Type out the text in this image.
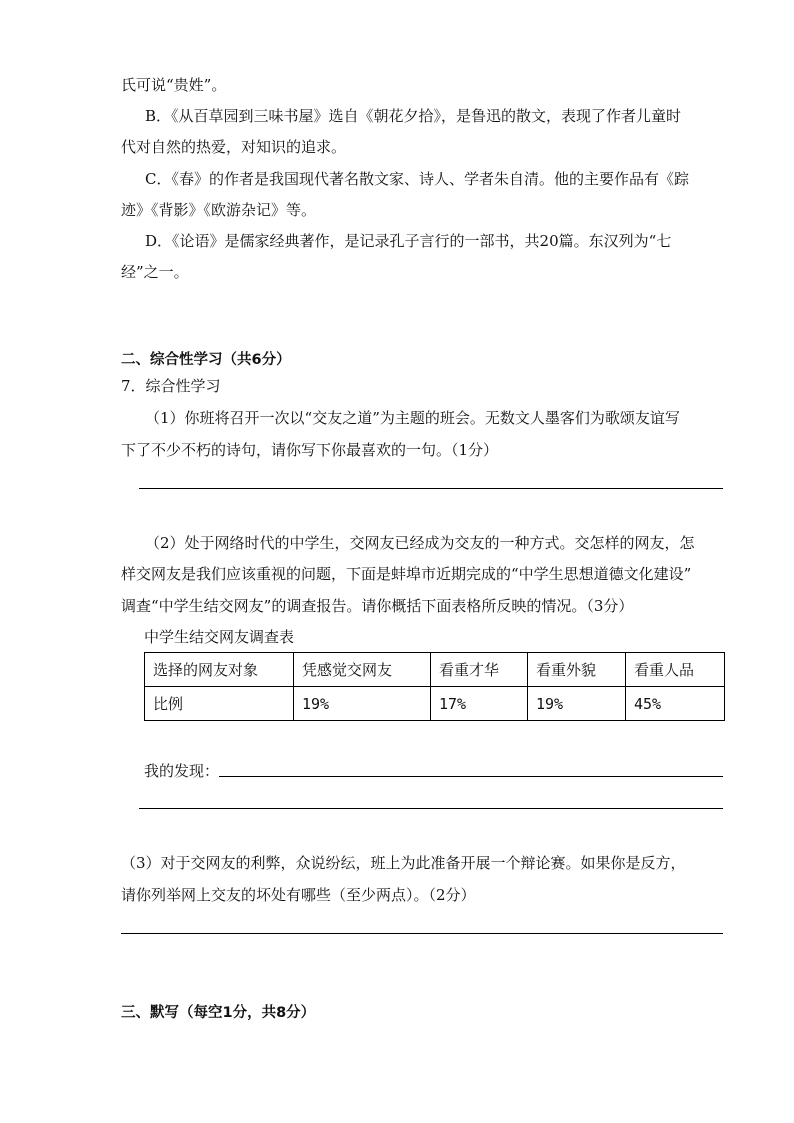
氏可说“贵姓”。
B．《从百草园到三味书屋》选自《朝花夕拾》，是鲁迅的散文，表现了作者儿童时
代对自然的热爱，对知识的追求。
C．《春》的作者是我国现代著名散文家、诗人、学者朱自清。他的主要作品有《踪
迹》《背影》《欧游杂记》等。
D．《论语》是儒家经典著作，是记录孔子言行的一部书，共20篇。东汉列为“七
经”之一。
二、综合性学习（共6分）
7．综合性学习
（1）你班将召开一次以“交友之道”为主题的班会。无数文人墨客们为歌颂友谊写
下了不少不朽的诗句，请你写下你最喜欢的一句。（1分）
（2）处于网络时代的中学生，交网友已经成为交友的一种方式。交怎样的网友，怎
样交网友是我们应该重视的问题，下面是蚌埠市近期完成的“中学生思想道德文化建设”
调查“中学生结交网友”的调查报告。请你概括下面表格所反映的情况。（3分）
中学生结交网友调查表
选择的网友对象	凭感觉交网友	看重才华	看重外貌	看重人品
比例	19%	17%	19%	45%
我的发现：
（3）对于交网友的利弊，众说纷纭，班上为此准备开展一个辩论赛。如果你是反方，
请你列举网上交友的坏处有哪些（至少两点）。（2分）
三、默写（每空1分，共8分）
